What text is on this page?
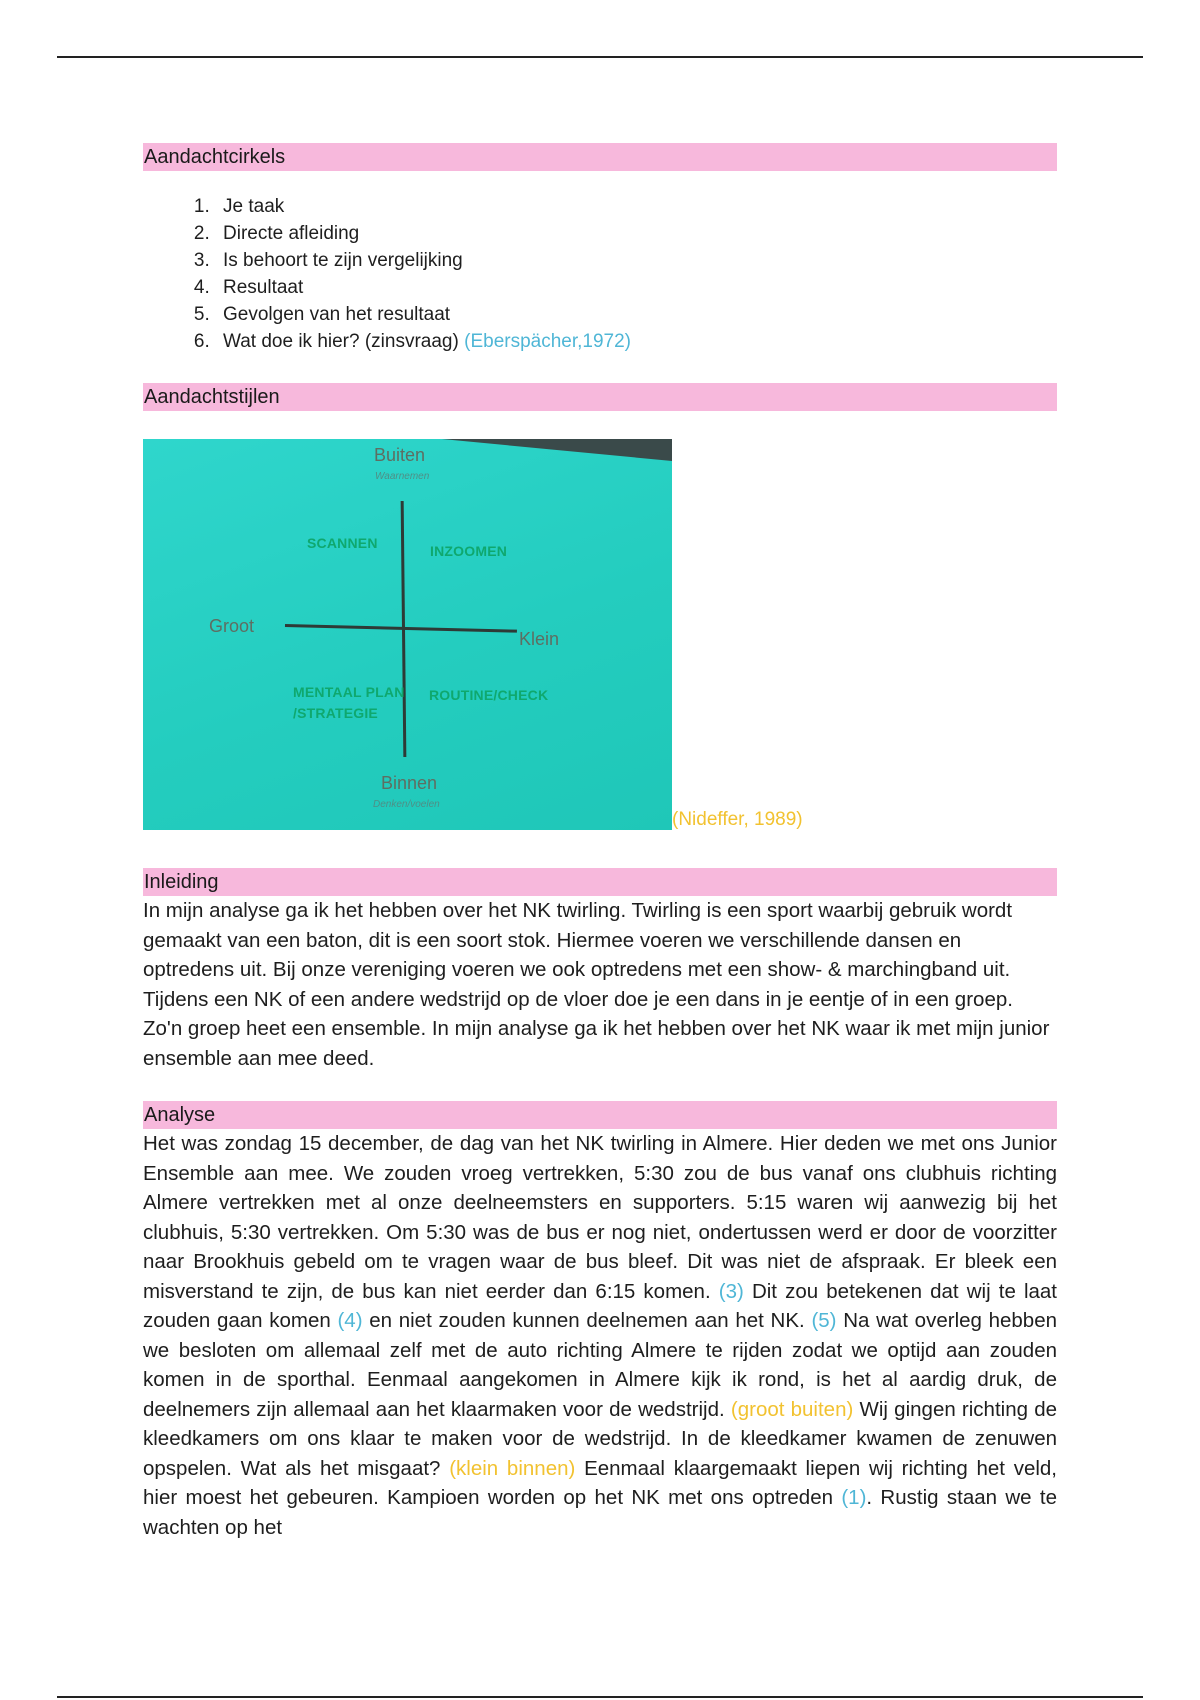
Aandachtcirkels
1. Je taak
2. Directe afleiding
3. Is behoort te zijn vergelijking
4. Resultaat
5. Gevolgen van het resultaat
6. Wat doe ik hier? (zinsvraag) (Eberspächer,1972)
Aandachtstijlen
Buiten
Waarnemen
Groot
Klein
Binnen
Denken/voelen
SCANNEN	INZOOMEN
MENTAAL PLAN
/STRATEGIE
ROUTINE/CHECK
(Nideffer, 1989)
Inleiding

In mijn analyse ga ik het hebben over het NK twirling. Twirling is een sport waarbij gebruik wordt gemaakt van een baton, dit is een soort stok. Hiermee voeren we verschillende dansen en optredens uit. Bij onze vereniging voeren we ook optredens met een show- & marchingband uit. Tijdens een NK of een andere wedstrijd op de vloer doe je een dans in je eentje of in een groep. Zo'n groep heet een ensemble. In mijn analyse ga ik het hebben over het NK waar ik met mijn junior ensemble aan mee deed.

Analyse

Het was zondag 15 december, de dag van het NK twirling in Almere. Hier deden we met ons Junior Ensemble aan mee. We zouden vroeg vertrekken, 5:30 zou de bus vanaf ons clubhuis richting Almere vertrekken met al onze deelneemsters en supporters. 5:15 waren wij aanwezig bij het clubhuis, 5:30 vertrekken. Om 5:30 was de bus er nog niet, ondertussen werd er door de voorzitter naar Brookhuis gebeld om te vragen waar de bus bleef. Dit was niet de afspraak. Er bleek een misverstand te zijn, de bus kan niet eerder dan 6:15 komen. (3) Dit zou betekenen dat wij te laat zouden gaan komen (4) en niet zouden kunnen deelnemen aan het NK. (5) Na wat overleg hebben we besloten om allemaal zelf met de auto richting Almere te rijden zodat we optijd aan zouden komen in de sporthal. Eenmaal aangekomen in Almere kijk ik rond, is het al aardig druk, de deelnemers zijn allemaal aan het klaarmaken voor de wedstrijd. (groot buiten) Wij gingen richting de kleedkamers om ons klaar te maken voor de wedstrijd. In de kleedkamer kwamen de zenuwen opspelen. Wat als het misgaat? (klein binnen) Eenmaal klaargemaakt liepen wij richting het veld, hier moest het gebeuren. Kampioen worden op het NK met ons optreden (1). Rustig staan we te wachten op het
